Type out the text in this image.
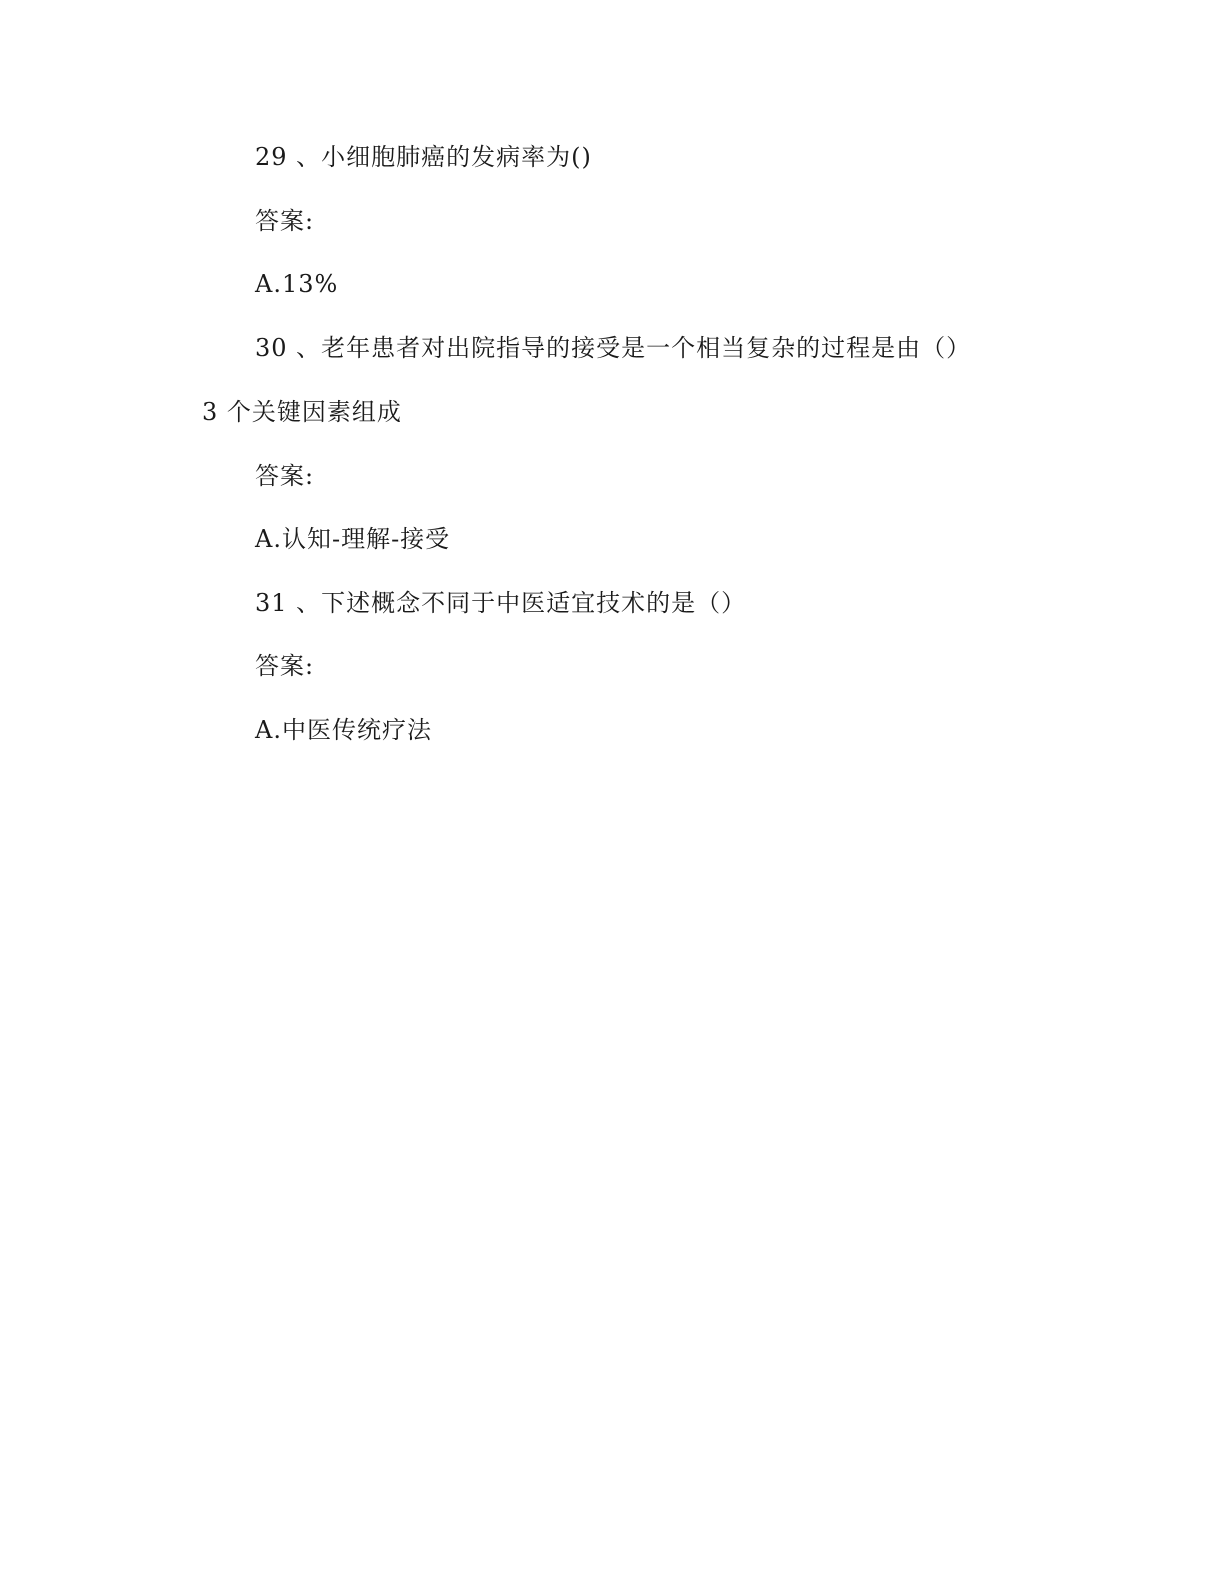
29 、小细胞肺癌的发病率为()
答案:
A.13%
30 、老年患者对出院指导的接受是一个相当复杂的过程是由（）
3 个关键因素组成
答案:
A.认知-理解-接受
31 、下述概念不同于中医适宜技术的是（）
答案:
A.中医传统疗法
